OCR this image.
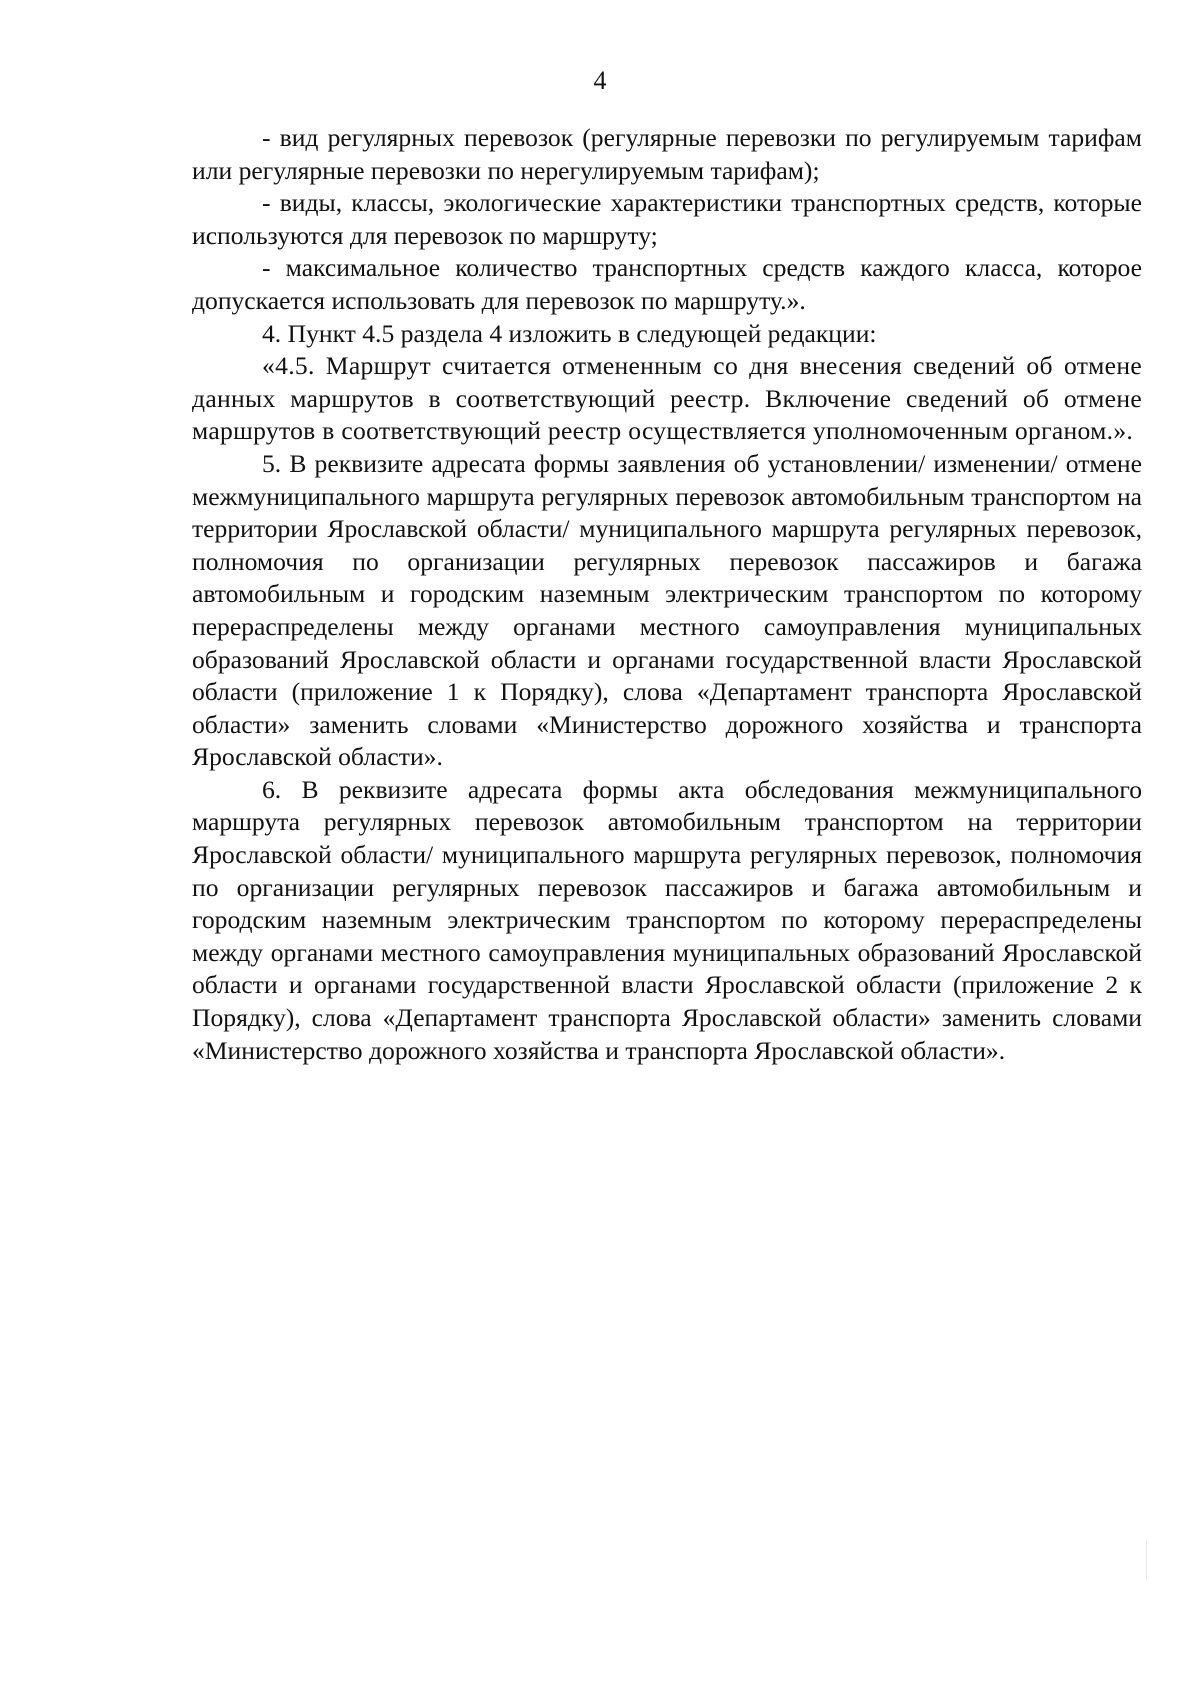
4

- вид регулярных перевозок (регулярные перевозки по регулируемым тарифам или регулярные перевозки по нерегулируемым тарифам);

- виды, классы, экологические характеристики транспортных средств, которые используются для перевозок по маршруту;

- максимальное количество транспортных средств каждого класса, которое допускается использовать для перевозок по маршруту.».

4. Пункт 4.5 раздела 4 изложить в следующей редакции:

«4.5. Маршрут считается отмененным со дня внесения сведений об отмене данных маршрутов в соответствующий реестр. Включение сведений об отмене маршрутов в соответствующий реестр осуществляется уполномоченным органом.».

5. В реквизите адресата формы заявления об установлении/ изменении/ отмене межмуниципального маршрута регулярных перевозок автомобильным транспортом на территории Ярославской области/ муниципального маршрута регулярных перевозок, полномочия по организации регулярных перевозок пассажиров и багажа автомобильным и городским наземным электрическим транспортом по которому перераспределены между органами местного самоуправления муниципальных образований Ярославской области и органами государственной власти Ярославской области (приложение 1 к Порядку), слова «Департамент транспорта Ярославской области» заменить словами «Министерство дорожного хозяйства и транспорта Ярославской области».

6. В реквизите адресата формы акта обследования межмуниципального маршрута регулярных перевозок автомобильным транспортом на территории Ярославской области/ муниципального маршрута регулярных перевозок, полномочия по организации регулярных перевозок пассажиров и багажа автомобильным и городским наземным электрическим транспортом по которому перераспределены между органами местного самоуправления муниципальных образований Ярославской области и органами государственной власти Ярославской области (приложение 2 к Порядку), слова «Департамент транспорта Ярославской области» заменить словами «Министерство дорожного хозяйства и транспорта Ярославской области».
